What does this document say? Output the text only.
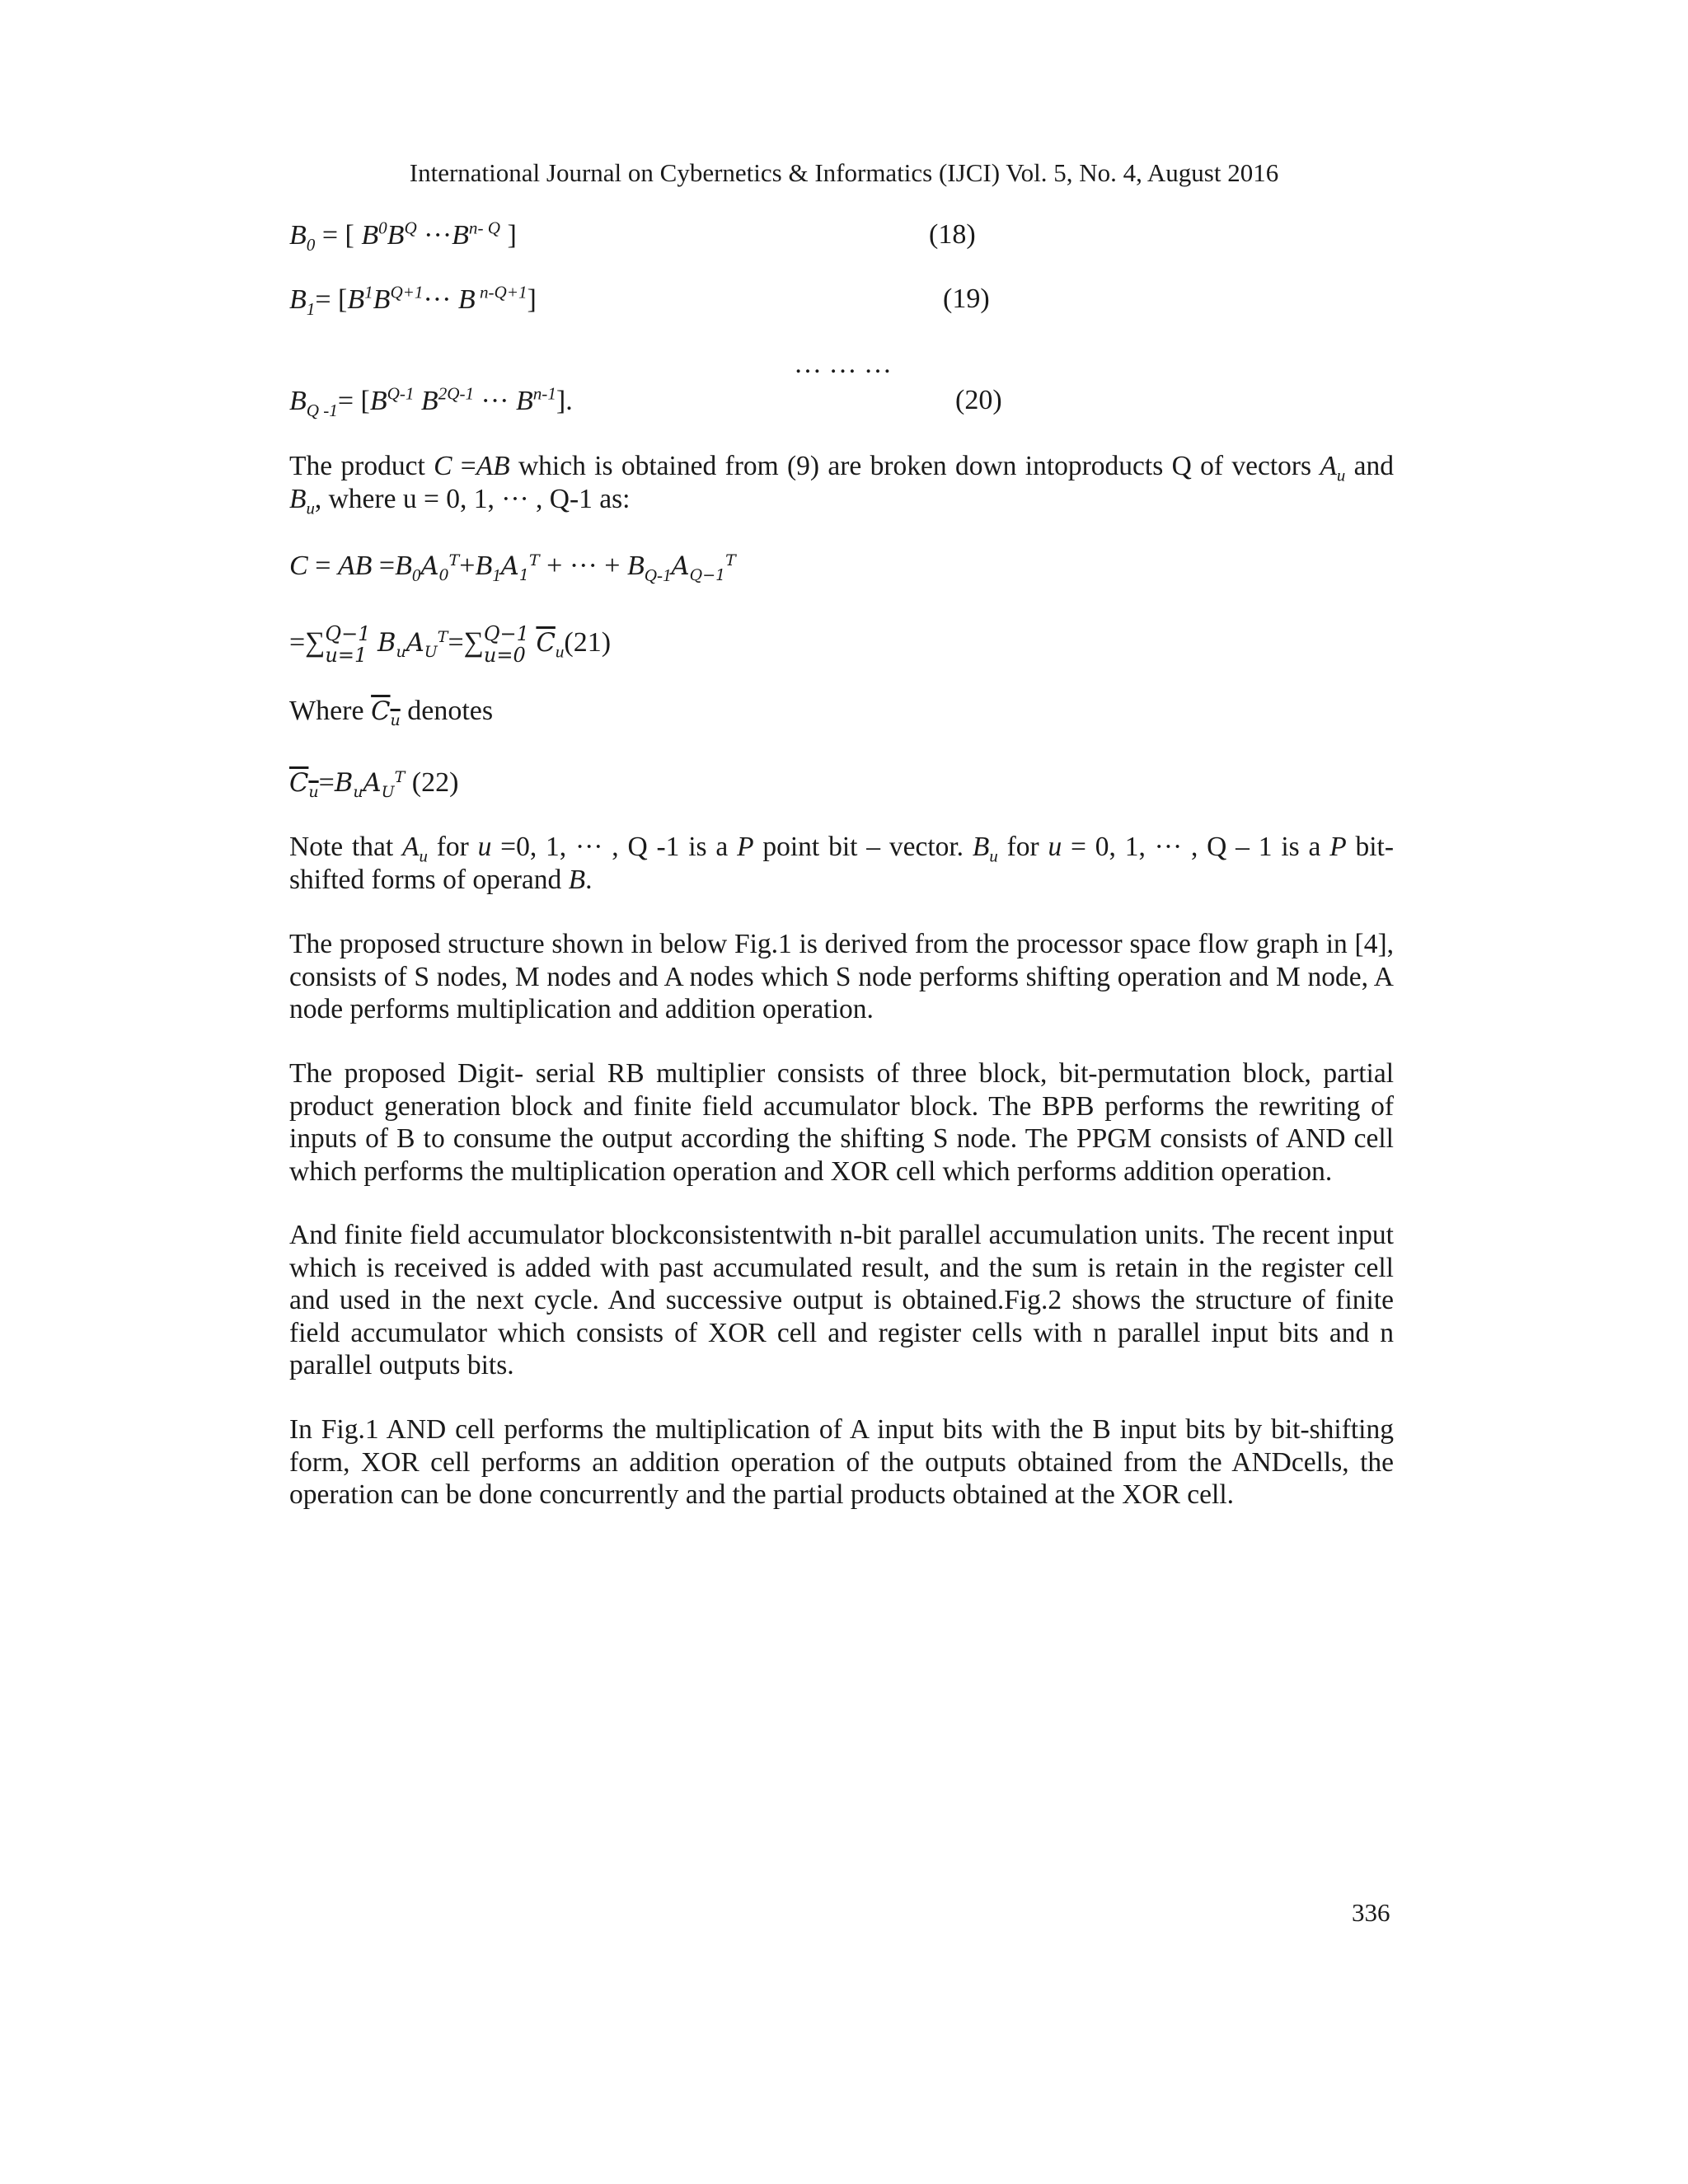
International Journal on Cybernetics & Informatics (IJCI) Vol. 5, No. 4, August 2016
$B_0$ = [ $B^0B^Q \cdot\cdot\cdot B^{n- Q}$ ]	(18)
$B_1= [B^1B^{Q+1}\cdot\cdot\cdot B$ $^{n-Q+1}$]	(19)
… … …
$B_{Q -1}= [B^{Q-1}$ $B^{2Q-1}$ ··· $B^{n-1}$].	(20)
The product C =AB which is obtained from (9) are broken down intoproducts Q of vectors $A_u$ and $B_u$, where u = 0, 1, ··· , Q-1 as:
C = AB $=B_0A_0^T+B_1A_1^T$ + ··· + $B_{Q-1}A_{Q-1}^T$
=∑ Q−1
u=1 $B_uA_U^T=\sum$ Q−1
u=0 $\overline{C}_u(21)$
Where $C_u$ denotes
$C_u=B_uA_U^T$ (22)
Note that $A_u$ for u =0, 1, ··· , Q -1 is a P point bit – vector. $B_u$ for u = 0, 1, ··· , Q – 1 is a P bit-shifted forms of operand B.
The proposed structure shown in below Fig.1 is derived from the processor space flow graph in [4], consists of S nodes, M nodes and A nodes which S node performs shifting operation and M node, A node performs multiplication and addition operation.
The proposed Digit- serial RB multiplier consists of three block, bit-permutation block, partial product generation block and finite field accumulator block. The BPB performs the rewriting of inputs of B to consume the output according the shifting S node. The PPGM consists of AND cell which performs the multiplication operation and XOR cell which performs addition operation.
And finite field accumulator blockconsistentwith n-bit parallel accumulation units. The recent input which is received is added with past accumulated result, and the sum is retain in the register cell and used in the next cycle. And successive output is obtained.Fig.2 shows the structure of finite field accumulator which consists of XOR cell and register cells with n parallel input bits and n parallel outputs bits.
In Fig.1 AND cell performs the multiplication of A input bits with the B input bits by bit-shifting form, XOR cell performs an addition operation of the outputs obtained from the ANDcells, the operation can be done concurrently and the partial products obtained at the XOR cell.
336
